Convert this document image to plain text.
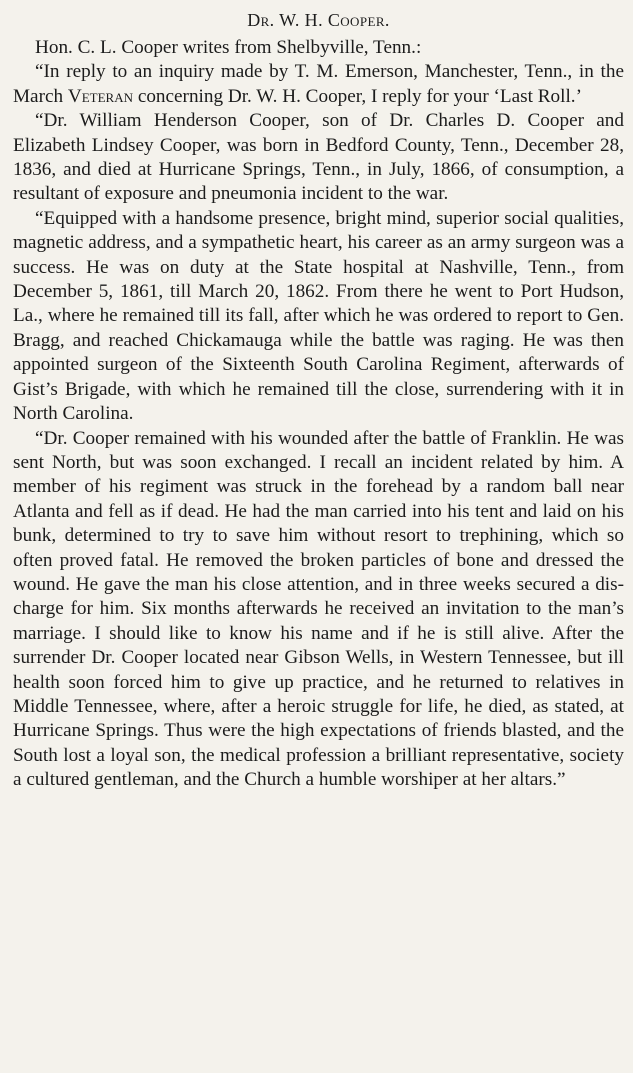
Dr. W. H. Cooper.

Hon. C. L. Cooper writes from Shelbyville, Tenn.:

“In reply to an inquiry made by T. M. Emerson, Manchester, Tenn., in the March Veteran concerning Dr. W. H. Cooper, I reply for your ‘Last Roll.’

“Dr. William Henderson Cooper, son of Dr. Charles D. Cooper and Elizabeth Lindsey Cooper, was born in Bedford County, Tenn., December 28, 1836, and died at Hurricane Springs, Tenn., in July, 1866, of consumption, a resultant of exposure and pneumonia incident to the war.

“Equipped with a handsome presence, bright mind, superior social qualities, magnetic address, and a sympathetic heart, his career as an army surgeon was a success. He was on duty at the State hospital at Nashville, Tenn., from December 5, 1861, till March 20, 1862. From there he went to Port Hudson, La., where he remained till its fall, after which he was ordered to report to Gen. Bragg, and reached Chickamauga while the battle was raging. He was then appointed surgeon of the Sixteenth South Carolina Regiment, afterwards of Gist’s Brigade, with which he remained till the close, surrendering with it in North Carolina.

“Dr. Cooper remained with his wounded after the battle of Franklin. He was sent North, but was soon exchanged. I recall an incident related by him. A member of his regiment was struck in the forehead by a random ball near Atlanta and fell as if dead. He had the man carried into his tent and laid on his bunk, determined to try to save him without resort to trephining, which so often proved fatal. He removed the broken particles of bone and dressed the wound. He gave the man his close attention, and in three weeks secured a discharge for him. Six months afterwards he received an invitation to the man’s marriage. I should like to know his name and if he is still alive. After the surrender Dr. Cooper located near Gibson Wells, in Western Tennessee, but ill health soon forced him to give up practice, and he returned to relatives in Middle Tennessee, where, after a heroic struggle for life, he died, as stated, at Hurricane Springs. Thus were the high expectations of friends blasted, and the South lost a loyal son, the medical profession a brilliant representative, society a cultured gentleman, and the Church a humble worshiper at her altars.”
